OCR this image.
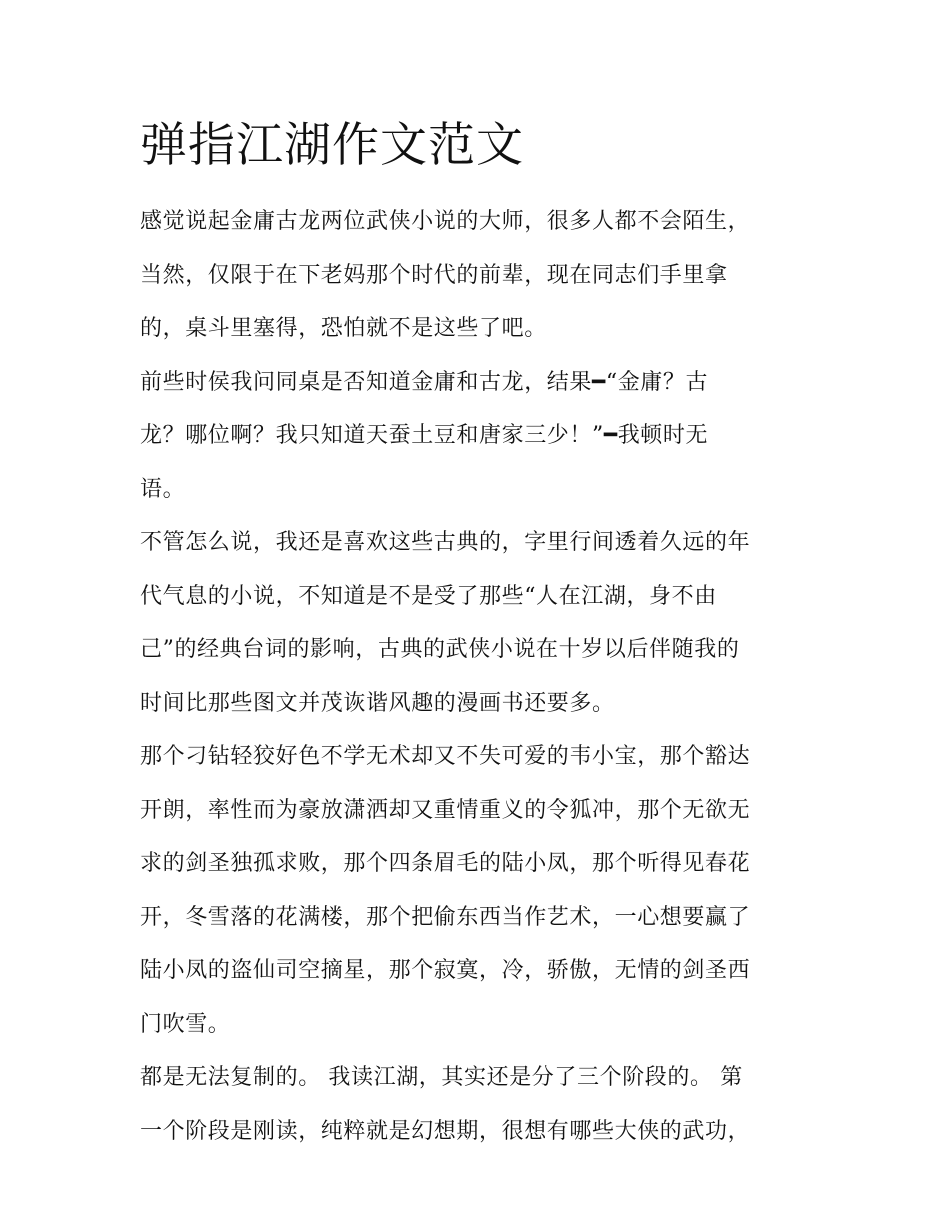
弹指江湖作文范文
感觉说起金庸古龙两位武侠小说的大师，很多人都不会陌生，
当然，仅限于在下老妈那个时代的前辈，现在同志们手里拿
的，桌斗里塞得，恐怕就不是这些了吧。
前些时侯我问同桌是否知道金庸和古龙，结果━“金庸？古
龙？哪位啊？我只知道天蚕土豆和唐家三少！”━我顿时无
语。
不管怎么说，我还是喜欢这些古典的，字里行间透着久远的年
代气息的小说，不知道是不是受了那些“人在江湖，身不由
己”的经典台词的影响，古典的武侠小说在十岁以后伴随我的
时间比那些图文并茂诙谐风趣的漫画书还要多。
那个刁钻轻狡好色不学无术却又不失可爱的韦小宝，那个豁达
开朗，率性而为豪放潇洒却又重情重义的令狐冲，那个无欲无
求的剑圣独孤求败，那个四条眉毛的陆小凤，那个听得见春花
开，冬雪落的花满楼，那个把偷东西当作艺术，一心想要赢了
陆小凤的盗仙司空摘星，那个寂寞，冷，骄傲，无情的剑圣西
门吹雪。
都是无法复制的。 我读江湖，其实还是分了三个阶段的。 第
一个阶段是刚读，纯粹就是幻想期，很想有哪些大侠的武功，
